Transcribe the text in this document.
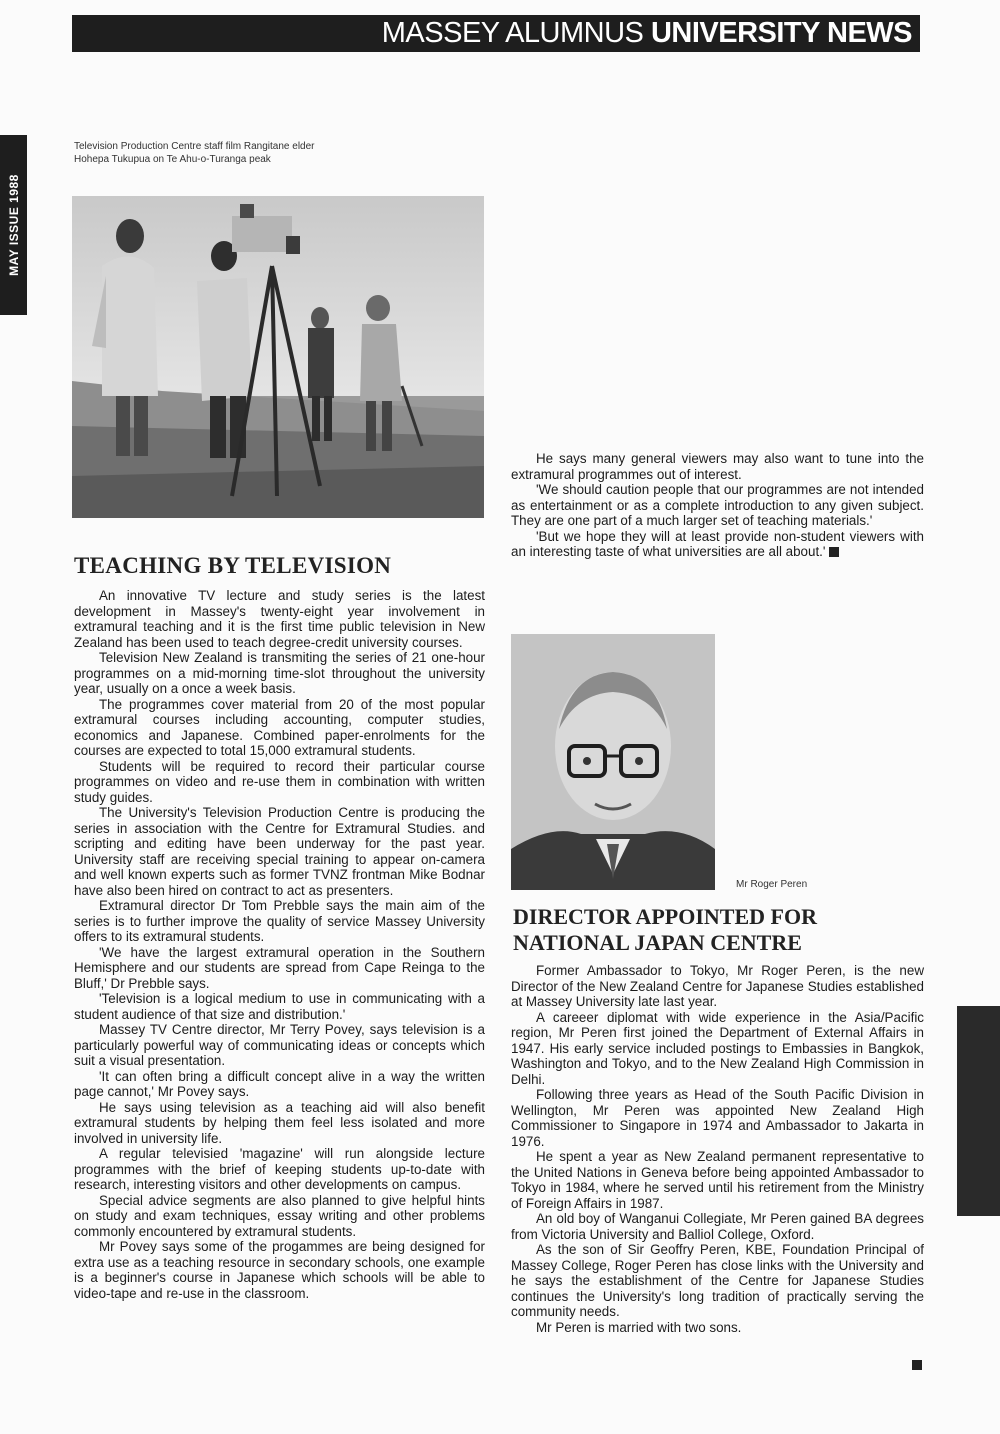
MASSEY ALUMNUS UNIVERSITY NEWS
MAY ISSUE 1988
Television Production Centre staff film Rangitane elder
Hohepa Tukupua on Te Ahu-o-Turanga peak
TEACHING BY TELEVISION

An innovative TV lecture and study series is the latest development in Massey's twenty-eight year involvement in extramural teaching and it is the first time public television in New Zealand has been used to teach degree-credit university courses.

Television New Zealand is transmiting the series of 21 one-hour programmes on a mid-morning time-slot throughout the university year, usually on a once a week basis.

The programmes cover material from 20 of the most popular extramural courses including accounting, computer studies, economics and Japanese. Combined paper-enrolments for the courses are expected to total 15,000 extramural students.

Students will be required to record their particular course programmes on video and re-use them in combination with written study guides.

The University's Television Production Centre is producing the series in association with the Centre for Extramural Studies. and scripting and editing have been underway for the past year. University staff are receiving special training to appear on-camera and well known experts such as former TVNZ frontman Mike Bodnar have also been hired on contract to act as presenters.

Extramural director Dr Tom Prebble says the main aim of the series is to further improve the quality of service Massey University offers to its extramural students.

'We have the largest extramural operation in the Southern Hemisphere and our students are spread from Cape Reinga to the Bluff,' Dr Prebble says.

'Television is a logical medium to use in communicating with a student audience of that size and distribution.'

Massey TV Centre director, Mr Terry Povey, says television is a particularly powerful way of communicating ideas or concepts which suit a visual presentation.

'It can often bring a difficult concept alive in a way the written page cannot,' Mr Povey says.

He says using television as a teaching aid will also benefit extramural students by helping them feel less isolated and more involved in university life.

A regular televisied 'magazine' will run alongside lecture programmes with the brief of keeping students up-to-date with research, interesting visitors and other developments on campus.

Special advice segments are also planned to give helpful hints on study and exam techniques, essay writing and other problems commonly encountered by extramural students.

Mr Povey says some of the progammes are being designed for extra use as a teaching resource in secondary schools, one example is a beginner's course in Japanese which schools will be able to video-tape and re-use in the classroom.

He says many general viewers may also want to tune into the extramural programmes out of interest.

'We should caution people that our programmes are not intended as entertainment or as a complete introduction to any given subject. They are one part of a much larger set of teaching materials.'

'But we hope they will at least provide non-student viewers with an interesting taste of what universities are all about.'

Mr Roger Peren
DIRECTOR APPOINTED FOR
NATIONAL JAPAN CENTRE

Former Ambassador to Tokyo, Mr Roger Peren, is the new Director of the New Zealand Centre for Japanese Studies established at Massey University late last year.

A careeer diplomat with wide experience in the Asia/Pacific region, Mr Peren first joined the Department of External Affairs in 1947. His early service included postings to Embassies in Bangkok, Washington and Tokyo, and to the New Zealand High Commission in Delhi.

Following three years as Head of the South Pacific Division in Wellington, Mr Peren was appointed New Zealand High Commissioner to Singapore in 1974 and Ambassador to Jakarta in 1976.

He spent a year as New Zealand permanent representative to the United Nations in Geneva before being appointed Ambassador to Tokyo in 1984, where he served until his retirement from the Ministry of Foreign Affairs in 1987.

An old boy of Wanganui Collegiate, Mr Peren gained BA degrees from Victoria University and Balliol College, Oxford.

As the son of Sir Geoffry Peren, KBE, Foundation Principal of Massey College, Roger Peren has close links with the University and he says the establishment of the Centre for Japanese Studies continues the University's long tradition of practically serving the community needs.

Mr Peren is married with two sons.
